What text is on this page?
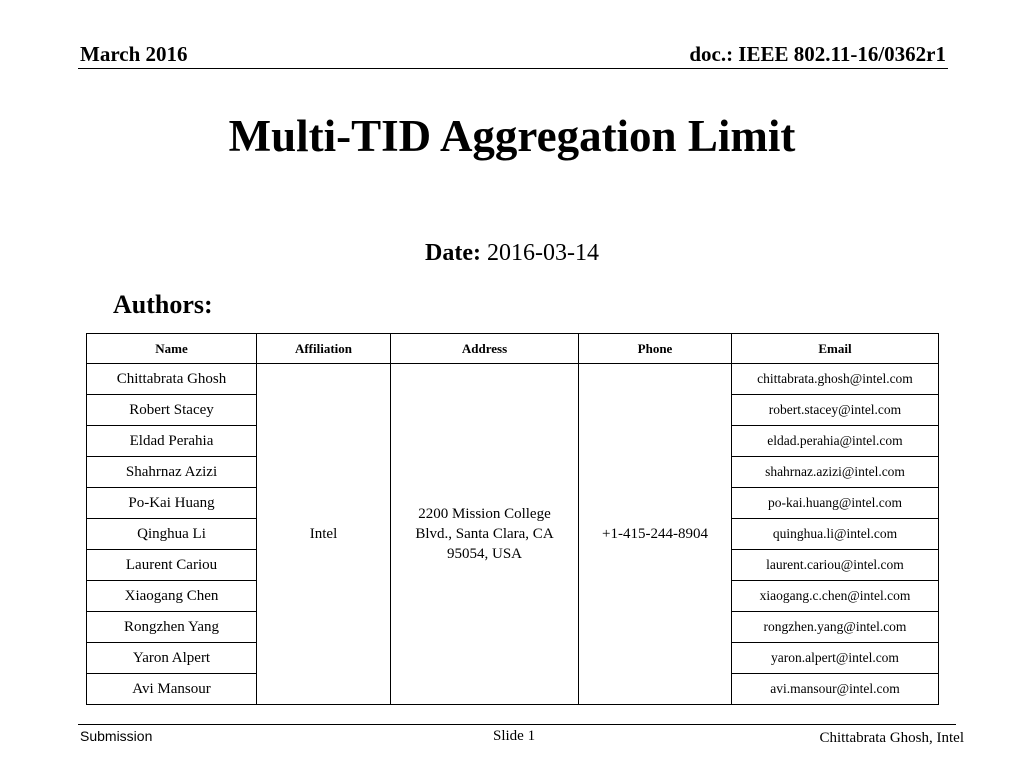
March 2016	doc.: IEEE 802.11-16/0362r1
Multi-TID Aggregation Limit
Date: 2016-03-14
Authors:
Name	Affiliation	Address	Phone	Email
Chittabrata Ghosh	Intel	2200 Mission College Blvd., Santa Clara, CA 95054, USA	+1-415-244-8904	chittabrata.ghosh@intel.com
Robert Stacey				robert.stacey@intel.com
Eldad Perahia				eldad.perahia@intel.com
Shahrnaz Azizi				shahrnaz.azizi@intel.com
Po-Kai Huang				po-kai.huang@intel.com
Qinghua Li				quinghua.li@intel.com
Laurent Cariou				laurent.cariou@intel.com
Xiaogang Chen				xiaogang.c.chen@intel.com
Rongzhen Yang				rongzhen.yang@intel.com
Yaron Alpert				yaron.alpert@intel.com
Avi Mansour				avi.mansour@intel.com
Submission	Slide 1	Chittabrata Ghosh, Intel
